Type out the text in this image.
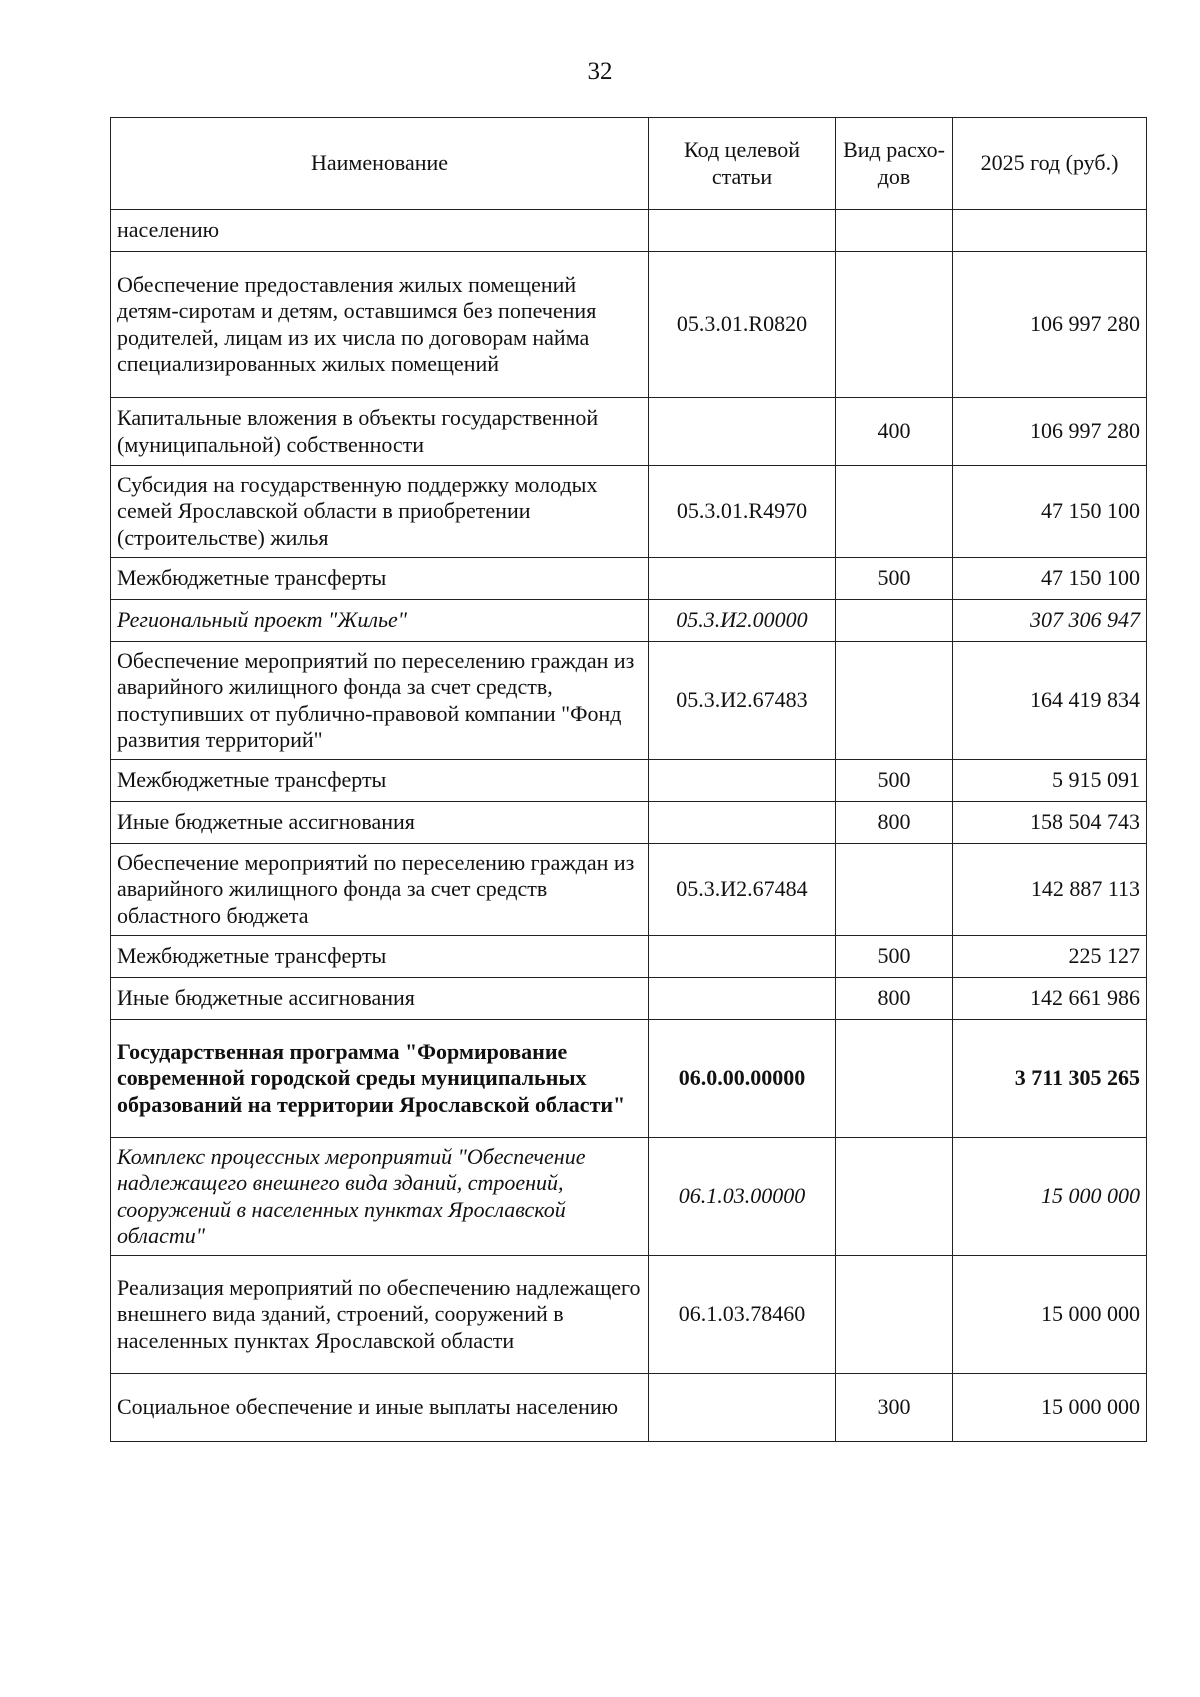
32
Наименование	Код целевой статьи	Вид расхо-дов	2025 год (руб.)
населению			
Обеспечение предоставления жилых помещений детям-сиротам и детям, оставшимся без попечения родителей, лицам из их числа по договорам найма специализированных жилых помещений	05.3.01.R0820		106 997 280
Капитальные вложения в объекты государственной (муниципальной) собственности		400	106 997 280
Субсидия на государственную поддержку молодых семей Ярославской области в приобретении (строительстве) жилья	05.3.01.R4970		47 150 100
Межбюджетные трансферты		500	47 150 100
Региональный проект "Жилье"	05.3.И2.00000		307 306 947
Обеспечение мероприятий по переселению граждан из аварийного жилищного фонда за счет средств, поступивших от публично-правовой компании "Фонд развития территорий"	05.3.И2.67483		164 419 834
Межбюджетные трансферты		500	5 915 091
Иные бюджетные ассигнования		800	158 504 743
Обеспечение мероприятий по переселению граждан из аварийного жилищного фонда за счет средств областного бюджета	05.3.И2.67484		142 887 113
Межбюджетные трансферты		500	225 127
Иные бюджетные ассигнования		800	142 661 986
Государственная программа "Формирование современной городской среды муниципальных образований на территории Ярославской области"	06.0.00.00000		3 711 305 265
Комплекс процессных мероприятий "Обеспечение надлежащего внешнего вида зданий, строений, сооружений в населенных пунктах Ярославской области"	06.1.03.00000		15 000 000
Реализация мероприятий по обеспечению надлежащего внешнего вида зданий, строений, сооружений в населенных пунктах Ярославской области	06.1.03.78460		15 000 000
Социальное обеспечение и иные выплаты населению		300	15 000 000
